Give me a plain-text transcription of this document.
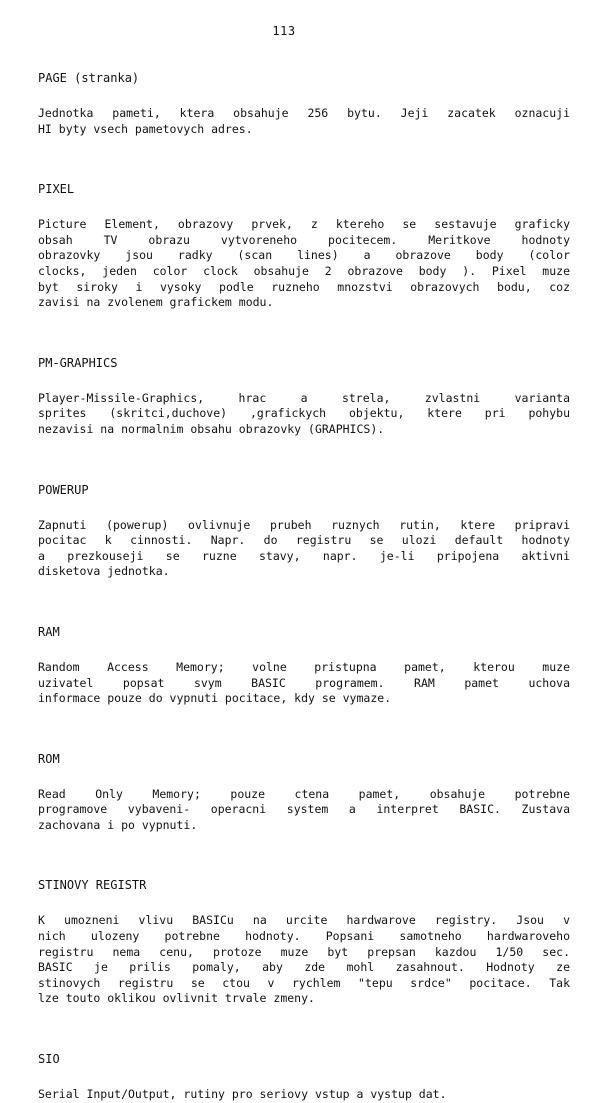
113
PAGE (stranka)

Jednotka pameti, ktera obsahuje 256 bytu. Jeji zacatek oznacuji
HI byty vsech pametovych adres.

PIXEL

Picture Element, obrazovy prvek, z ktereho se sestavuje graficky
obsah TV obrazu vytvoreneho pocitecem. Meritkove hodnoty
obrazovky jsou radky (scan lines) a obrazove body (color
clocks, jeden color clock obsahuje 2 obrazove body ). Pixel muze
byt siroky i vysoky podle ruzneho mnozstvi obrazovych bodu, coz
zavisi na zvolenem grafickem modu.

PM-GRAPHICS

Player-Missile-Graphics, hrac a strela, zvlastni varianta
sprites (skritci,duchove) ,grafickych objektu, ktere pri pohybu
nezavisi na normalnim obsahu obrazovky (GRAPHICS).

POWERUP

Zapnuti (powerup) ovlivnuje prubeh ruznych rutin, ktere pripravi
pocitac k cinnosti. Napr. do registru se ulozi default hodnoty
a prezkouseji se ruzne stavy, napr. je-li pripojena aktivni
disketova jednotka.

RAM

Random Access Memory; volne pristupna pamet, kterou muze
uzivatel popsat svym BASIC programem. RAM pamet uchova
informace pouze do vypnuti pocitace, kdy se vymaze.

ROM

Read Only Memory; pouze ctena pamet, obsahuje potrebne
programove vybaveni- operacni system a interpret BASIC. Zustava
zachovana i po vypnuti.

STINOVY REGISTR

K umozneni vlivu BASICu na urcite hardwarove registry. Jsou v
nich ulozeny potrebne hodnoty. Popsani samotneho hardwaroveho
registru nema cenu, protoze muze byt prepsan kazdou 1/50 sec.
BASIC je prilis pomaly, aby zde mohl zasahnout. Hodnoty ze
stinovych registru se ctou v rychlem "tepu srdce" pocitace. Tak
lze touto oklikou ovlivnit trvale zmeny.

SIO

Serial Input/Output, rutiny pro seriovy vstup a vystup dat.
